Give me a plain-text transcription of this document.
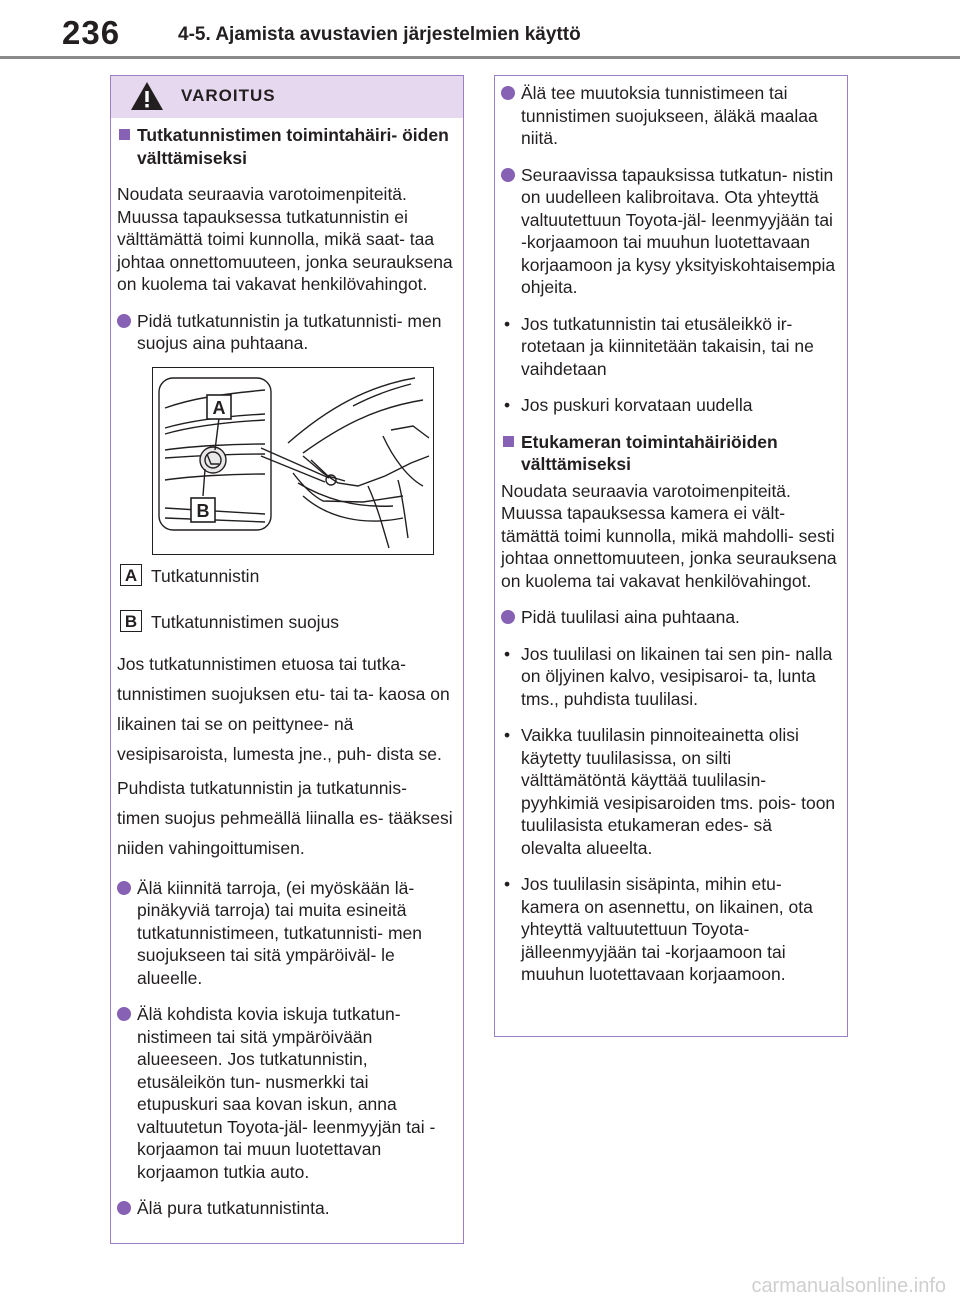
236	4-5. Ajamista avustavien järjestelmien käyttö
VAROITUS
Tutkatunnistimen toimintahäiri- öiden välttämiseksi
Noudata seuraavia varotoimenpiteitä. Muussa tapauksessa tutkatunnistin ei välttämättä toimi kunnolla, mikä saat- taa johtaa onnettomuuteen, jonka seurauksena on kuolema tai vakavat henkilövahingot.
Pidä tutkatunnistin ja tutkatunnisti- men suojus aina puhtaana.
A
B
A Tutkatunnistin
B Tutkatunnistimen suojus
Jos tutkatunnistimen etuosa tai tutka- tunnistimen suojuksen etu- tai ta- kaosa on likainen tai se on peittynee- nä vesipisaroista, lumesta jne., puh- dista se.
Puhdista tutkatunnistin ja tutkatunnis- timen suojus pehmeällä liinalla es- tääksesi niiden vahingoittumisen.
Älä kiinnitä tarroja, (ei myöskään lä- pinäkyviä tarroja) tai muita esineitä tutkatunnistimeen, tutkatunnisti- men suojukseen tai sitä ympäröiväl- le alueelle.
Älä kohdista kovia iskuja tutkatun- nistimeen tai sitä ympäröivään alueeseen. Jos tutkatunnistin, etusäleikön tun- nusmerkki tai etupuskuri saa kovan iskun, anna valtuutetun Toyota-jäl- leenmyyjän tai -korjaamon tai muun luotettavan korjaamon tutkia auto.
Älä pura tutkatunnistinta.
Älä tee muutoksia tunnistimeen tai tunnistimen suojukseen, äläkä maalaa niitä.
Seuraavissa tapauksissa tutkatun- nistin on uudelleen kalibroitava. Ota yhteyttä valtuutettuun Toyota-jäl- leenmyyjään tai -korjaamoon tai muuhun luotettavaan korjaamoon ja kysy yksityiskohtaisempia ohjeita.
• Jos tutkatunnistin tai etusäleikkö ir- rotetaan ja kiinnitetään takaisin, tai ne vaihdetaan
• Jos puskuri korvataan uudella
Etukameran toimintahäiriöiden välttämiseksi
Noudata seuraavia varotoimenpiteitä. Muussa tapauksessa kamera ei vält- tämättä toimi kunnolla, mikä mahdolli- sesti johtaa onnettomuuteen, jonka seurauksena on kuolema tai vakavat henkilövahingot.
Pidä tuulilasi aina puhtaana.
• Jos tuulilasi on likainen tai sen pin- nalla on öljyinen kalvo, vesipisaroi- ta, lunta tms., puhdista tuulilasi.
• Vaikka tuulilasin pinnoiteainetta olisi käytetty tuulilasissa, on silti välttämätöntä käyttää tuulilasin- pyyhkimiä vesipisaroiden tms. pois- toon tuulilasista etukameran edes- sä olevalta alueelta.
• Jos tuulilasin sisäpinta, mihin etu- kamera on asennettu, on likainen, ota yhteyttä valtuutettuun Toyota- jälleenmyyjään tai -korjaamoon tai muuhun luotettavaan korjaamoon.
carmanualsonline.info
